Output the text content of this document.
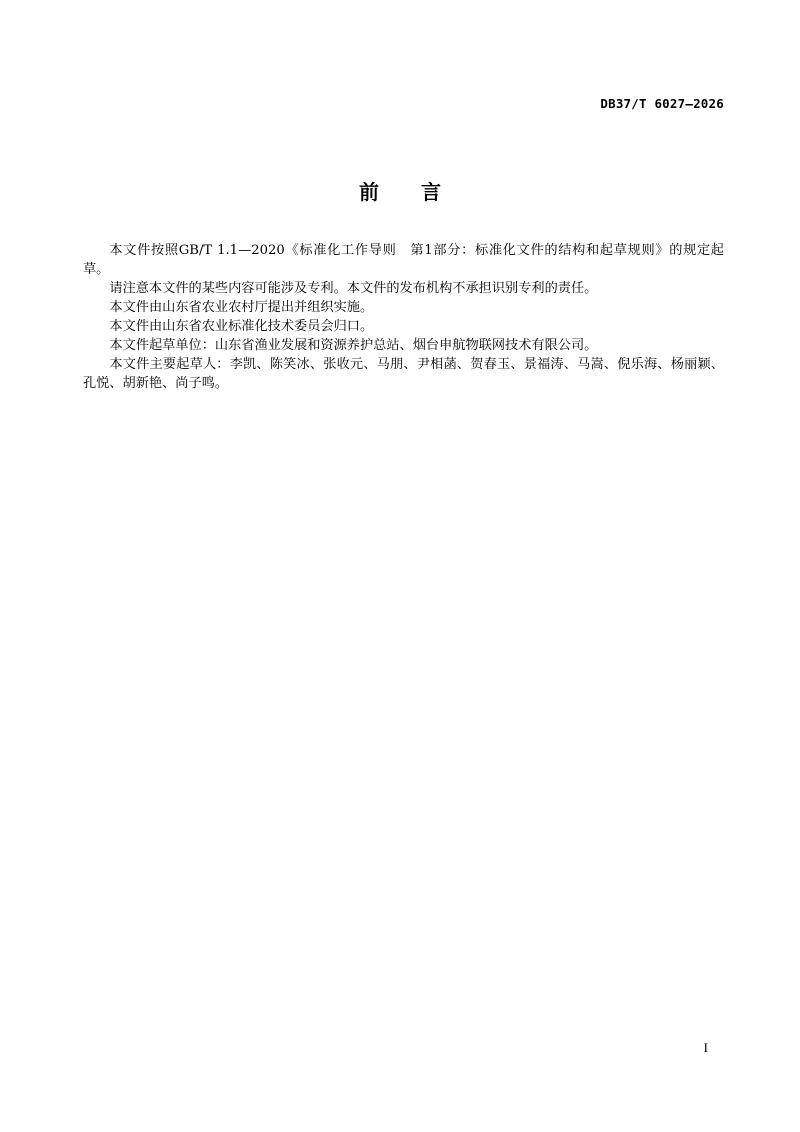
DB37/T 6027—2026
前言

本文件按照GB/T 1.1—2020《标准化工作导则　第1部分：标准化文件的结构和起草规则》的规定起草。

请注意本文件的某些内容可能涉及专利。本文件的发布机构不承担识别专利的责任。

本文件由山东省农业农村厅提出并组织实施。

本文件由山东省农业标准化技术委员会归口。

本文件起草单位：山东省渔业发展和资源养护总站、烟台申航物联网技术有限公司。

本文件主要起草人：李凯、陈笑冰、张收元、马朋、尹相菡、贺春玉、景福涛、马嵩、倪乐海、杨丽颖、孔悦、胡新艳、尚子鸣。

I
